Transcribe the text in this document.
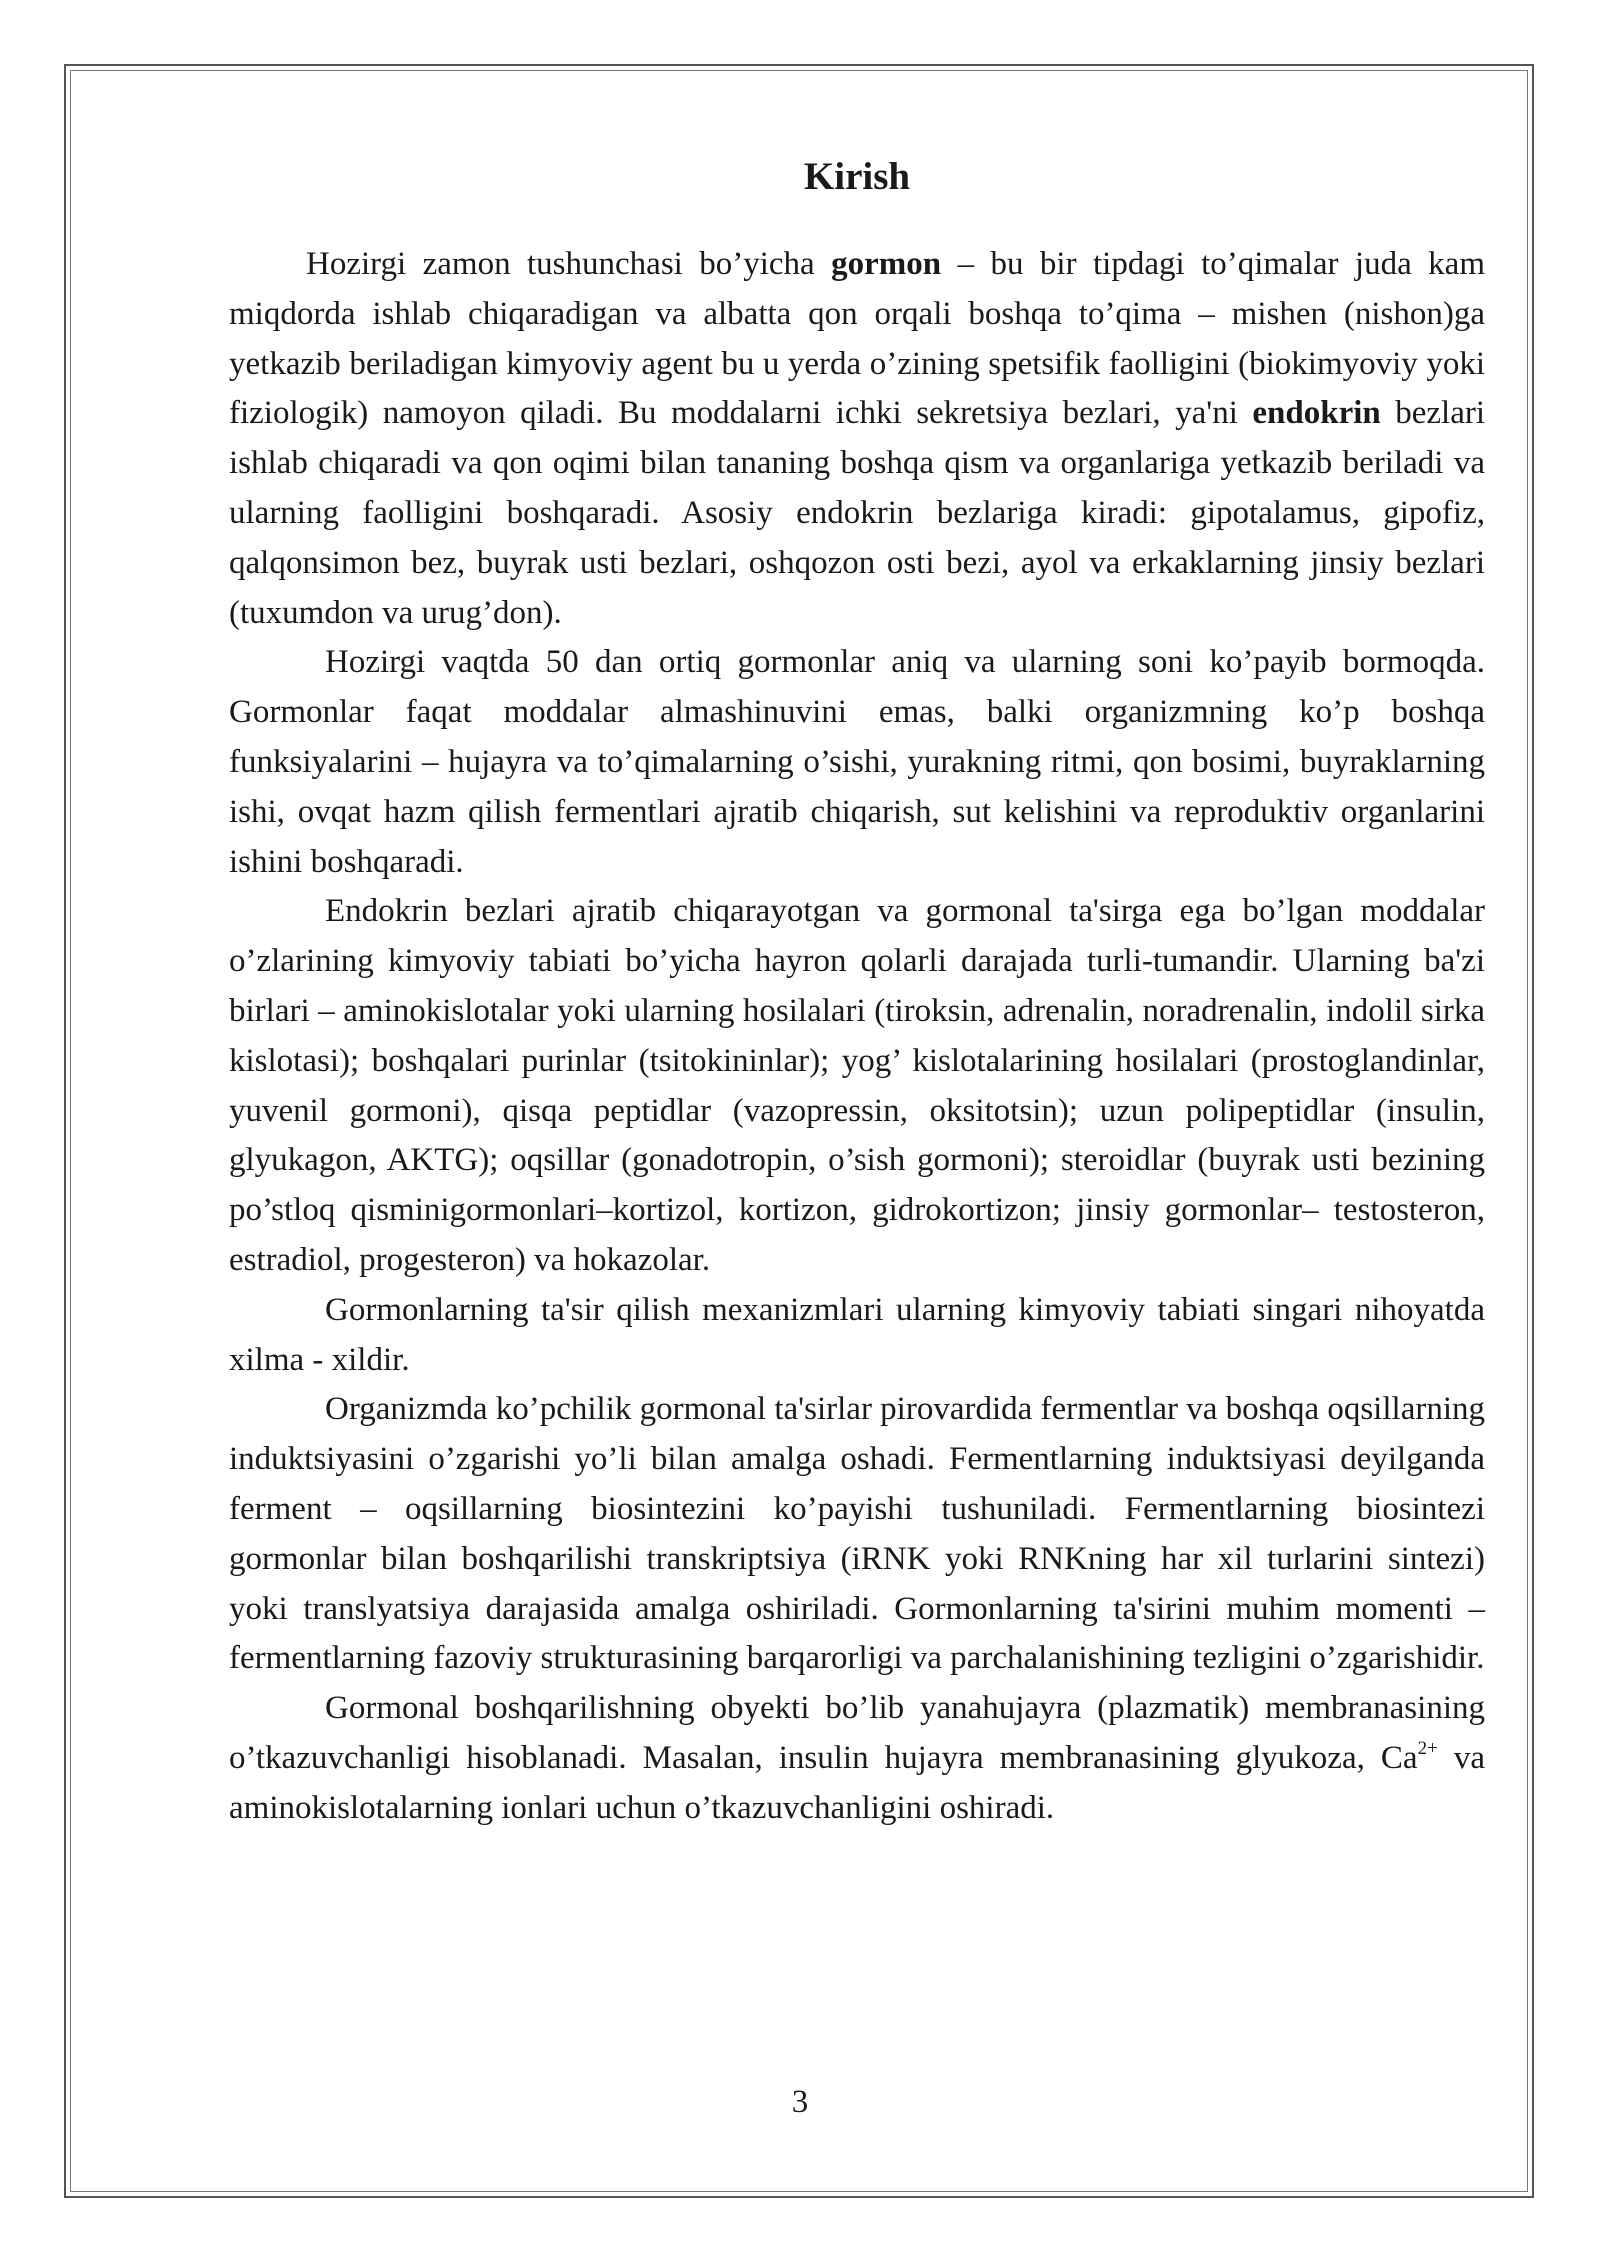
Kirish

Hozirgi zamon tushunchasi bo’yicha gormon – bu bir tipdagi to’qimalar juda kam miqdorda ishlab chiqaradigan va albatta qon orqali boshqa to’qima – mishen (nishon)ga yetkazib beriladigan kimyoviy agent bu u yerda o’zining spetsifik faolligini (biokimyoviy yoki fiziologik) namoyon qiladi. Bu moddalarni ichki sekretsiya bezlari, ya'ni endokrin bezlari ishlab chiqaradi va qon oqimi bilan tananing boshqa qism va organlariga yetkazib beriladi va ularning faolligini boshqaradi. Asosiy endokrin bezlariga kiradi: gipotalamus, gipofiz, qalqonsimon bez, buyrak usti bezlari, oshqozon osti bezi, ayol va erkaklarning jinsiy bezlari (tuxumdon va urug’don).

Hozirgi vaqtda 50 dan ortiq gormonlar aniq va ularning soni ko’payib bormoqda. Gormonlar faqat moddalar almashinuvini emas, balki organizmning ko’p boshqa funksiyalarini – hujayra va to’qimalarning o’sishi, yurakning ritmi, qon bosimi, buyraklarning ishi, ovqat hazm qilish fermentlari ajratib chiqarish, sut kelishini va reproduktiv organlarini ishini boshqaradi.

Endokrin bezlari ajratib chiqarayotgan va gormonal ta'sirga ega bo’lgan moddalar o’zlarining kimyoviy tabiati bo’yicha hayron qolarli darajada turli-tumandir. Ularning ba'zi birlari – aminokislotalar yoki ularning hosilalari (tiroksin, adrenalin, noradrenalin, indolil sirka kislotasi); boshqalari purinlar (tsitokininlar); yog’ kislotalarining hosilalari (prostoglandinlar, yuvenil gormoni), qisqa peptidlar (vazopressin, oksitotsin); uzun polipeptidlar (insulin, glyukagon, AKTG); oqsillar (gonadotropin, o’sish gormoni); steroidlar (buyrak usti bezining po’stloq qisminigormonlari–kortizol, kortizon, gidrokortizon; jinsiy gormonlar– testosteron, estradiol, progesteron) va hokazolar.

Gormonlarning ta'sir qilish mexanizmlari ularning kimyoviy tabiati singari nihoyatda xilma - xildir.

Organizmda ko’pchilik gormonal ta'sirlar pirovardida fermentlar va boshqa oqsillarning induktsiyasini o’zgarishi yo’li bilan amalga oshadi. Fermentlarning induktsiyasi deyilganda ferment – oqsillarning biosintezini ko’payishi tushuniladi. Fermentlarning biosintezi gormonlar bilan boshqarilishi transkriptsiya (iRNK yoki RNKning har xil turlarini sintezi) yoki translyatsiya darajasida amalga oshiriladi. Gormonlarning ta'sirini muhim momenti – fermentlarning fazoviy strukturasining barqarorligi va parchalanishining tezligini o’zgarishidir.

Gormonal boshqarilishning obyekti bo’lib yanahujayra (plazmatik) membranasining o’tkazuvchanligi hisoblanadi. Masalan, insulin hujayra membranasining glyukoza, $Ca^{2+}$ va aminokislotalarning ionlari uchun o’tkazuvchanligini oshiradi.

3
